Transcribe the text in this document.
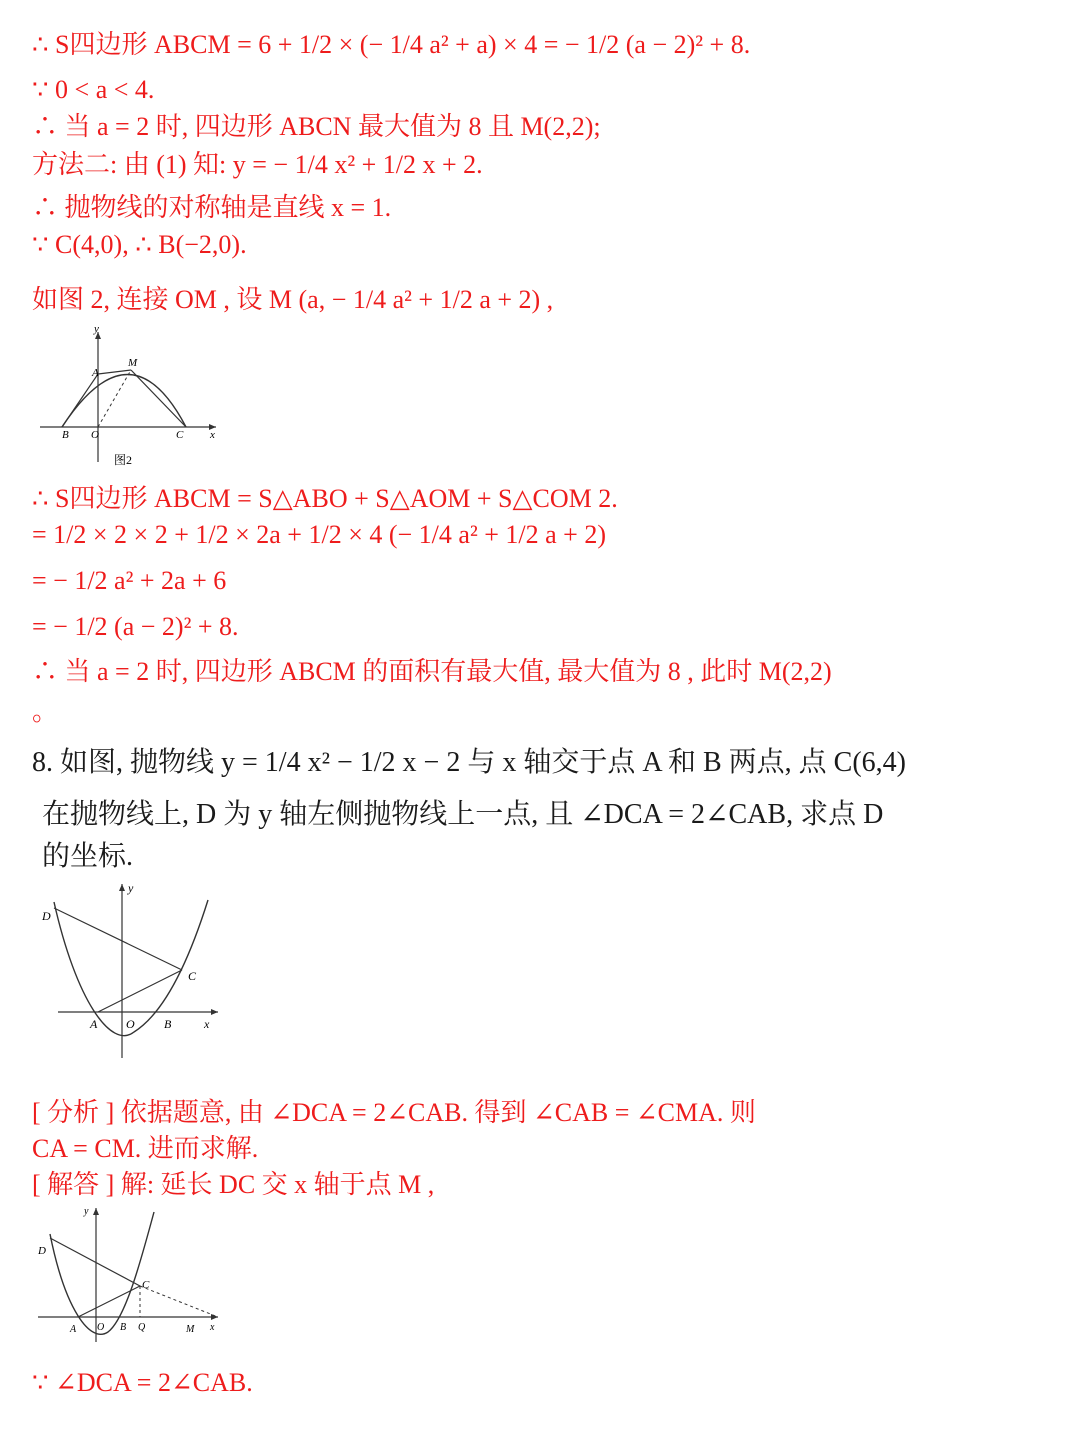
∴ S四边形 ABCM = 6 + 1/2 × (− 1/4 a² + a) × 4 = − 1/2 (a − 2)² + 8.
∵ 0 < a < 4.
∴ 当 a = 2 时, 四边形 ABCN 最大值为 8 且 M(2,2);
方法二: 由 (1) 知: y = − 1/4 x² + 1/2 x + 2.
∴ 抛物线的对称轴是直线 x = 1.
∵ C(4,0), ∴ B(−2,0).
如图 2, 连接 OM , 设 M (a, − 1/4 a² + 1/2 a + 2) ,
y
A
M
B O	C x
图2
∴ S四边形 ABCM = S△ABO + S△AOM + S△COM 2.
= 1/2 × 2 × 2 + 1/2 × 2a + 1/2 × 4 (− 1/4 a² + 1/2 a + 2)
= − 1/2 a² + 2a + 6
= − 1/2 (a − 2)² + 8.
∴ 当 a = 2 时, 四边形 ABCM 的面积有最大值, 最大值为 8 , 此时 M(2,2)
。
8. 如图, 抛物线 y = 1/4 x² − 1/2 x − 2 与 x 轴交于点 A 和 B 两点, 点 C(6,4)
在抛物线上, D 为 y 轴左侧抛物线上一点, 且 ∠DCA = 2∠CAB, 求点 D
的坐标.
y
D
C
A O B	x
[ 分析 ] 依据题意, 由 ∠DCA = 2∠CAB. 得到 ∠CAB = ∠CMA. 则
CA = CM. 进而求解.
[ 解答 ] 解: 延长 DC 交 x 轴于点 M ,
y
D
C
A O B Q	M x
∵ ∠DCA = 2∠CAB.
